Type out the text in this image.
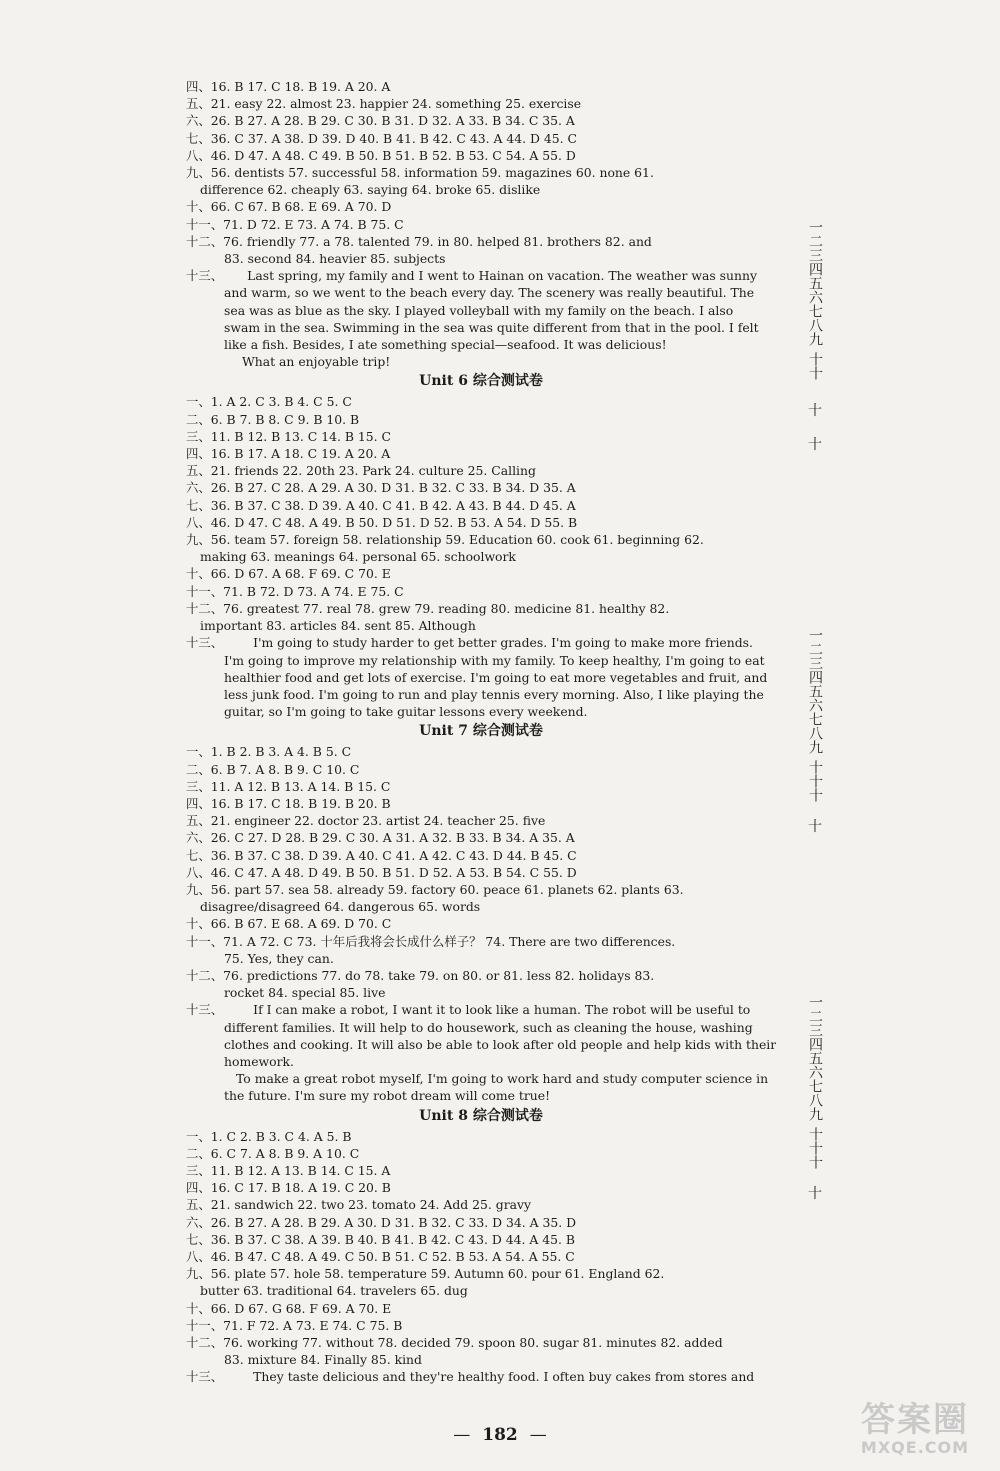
四、16. B 17. C 18. B 19. A 20. A
五、21. easy 22. almost 23. happier 24. something 25. exercise
六、26. B 27. A 28. B 29. C 30. B 31. D 32. A 33. B 34. C 35. A
七、36. C 37. A 38. D 39. D 40. B 41. B 42. C 43. A 44. D 45. C
八、46. D 47. A 48. C 49. B 50. B 51. B 52. B 53. C 54. A 55. D
九、56. dentists 57. successful 58. information 59. magazines 60. none 61.
difference 62. cheaply 63. saying 64. broke 65. dislike
十、66. C 67. B 68. E 69. A 70. D
十一、71. D 72. E 73. A 74. B 75. C
十二、76. friendly 77. a 78. talented 79. in 80. helped 81. brothers 82. and
83. second 84. heavier 85. subjects
十三、 Last spring, my family and I went to Hainan on vacation. The weather was sunny
and warm, so we went to the beach every day. The scenery was really beautiful. The
sea was as blue as the sky. I played volleyball with my family on the beach. I also
swam in the sea. Swimming in the sea was quite different from that in the pool. I felt
like a fish. Besides, I ate something special—seafood. It was delicious!
What an enjoyable trip!
Unit 6 综合测试卷
一、1. A 2. C 3. B 4. C 5. C
二、6. B 7. B 8. C 9. B 10. B
三、11. B 12. B 13. C 14. B 15. C
四、16. B 17. A 18. C 19. A 20. A
五、21. friends 22. 20th 23. Park 24. culture 25. Calling
六、26. B 27. C 28. A 29. A 30. D 31. B 32. C 33. B 34. D 35. A
七、36. B 37. C 38. D 39. A 40. C 41. B 42. A 43. B 44. D 45. A
八、46. D 47. C 48. A 49. B 50. D 51. D 52. B 53. A 54. D 55. B
九、56. team 57. foreign 58. relationship 59. Education 60. cook 61. beginning 62.
making 63. meanings 64. personal 65. schoolwork
十、66. D 67. A 68. F 69. C 70. E
十一、71. B 72. D 73. A 74. E 75. C
十二、76. greatest 77. real 78. grew 79. reading 80. medicine 81. healthy 82.
important 83. articles 84. sent 85. Although
十三、 I'm going to study harder to get better grades. I'm going to make more friends.
I'm going to improve my relationship with my family. To keep healthy, I'm going to eat
healthier food and get lots of exercise. I'm going to eat more vegetables and fruit, and
less junk food. I'm going to run and play tennis every morning. Also, I like playing the
guitar, so I'm going to take guitar lessons every weekend.
Unit 7 综合测试卷
一、1. B 2. B 3. A 4. B 5. C
二、6. B 7. A 8. B 9. C 10. C
三、11. A 12. B 13. A 14. B 15. C
四、16. B 17. C 18. B 19. B 20. B
五、21. engineer 22. doctor 23. artist 24. teacher 25. five
六、26. C 27. D 28. B 29. C 30. A 31. A 32. B 33. B 34. A 35. A
七、36. B 37. C 38. D 39. A 40. C 41. A 42. C 43. D 44. B 45. C
八、46. C 47. A 48. D 49. B 50. B 51. D 52. A 53. B 54. C 55. D
九、56. part 57. sea 58. already 59. factory 60. peace 61. planets 62. plants 63.
disagree/disagreed 64. dangerous 65. words
十、66. B 67. E 68. A 69. D 70. C
十一、71. A 72. C 73. 十年后我将会长成什么样子？ 74. There are two differences.
75. Yes, they can.
十二、76. predictions 77. do 78. take 79. on 80. or 81. less 82. holidays 83.
rocket 84. special 85. live
十三、 If I can make a robot, I want it to look like a human. The robot will be useful to
different families. It will help to do housework, such as cleaning the house, washing
clothes and cooking. It will also be able to look after old people and help kids with their
homework.
To make a great robot myself, I'm going to work hard and study computer science in
the future. I'm sure my robot dream will come true!
Unit 8 综合测试卷
一、1. C 2. B 3. C 4. A 5. B
二、6. C 7. A 8. B 9. A 10. C
三、11. B 12. A 13. B 14. C 15. A
四、16. C 17. B 18. A 19. C 20. B
五、21. sandwich 22. two 23. tomato 24. Add 25. gravy
六、26. B 27. A 28. B 29. A 30. D 31. B 32. C 33. D 34. A 35. D
七、36. B 37. C 38. A 39. B 40. B 41. B 42. C 43. D 44. A 45. B
八、46. B 47. C 48. A 49. C 50. B 51. C 52. B 53. A 54. A 55. C
九、56. plate 57. hole 58. temperature 59. Autumn 60. pour 61. England 62.
butter 63. traditional 64. travelers 65. dug
十、66. D 67. G 68. F 69. A 70. E
十一、71. F 72. A 73. E 74. C 75. B
十二、76. working 77. without 78. decided 79. spoon 80. sugar 81. minutes 82. added
83. mixture 84. Finally 85. kind
十三、 They taste delicious and they're healthy food. I often buy cakes from stores and
一二三四五六七八九
十十
十
十
一二三四五六七八九
十十十
十
一二三四五六七八九
十十十
十
— 182 —	答案圈
MXQE.COM
